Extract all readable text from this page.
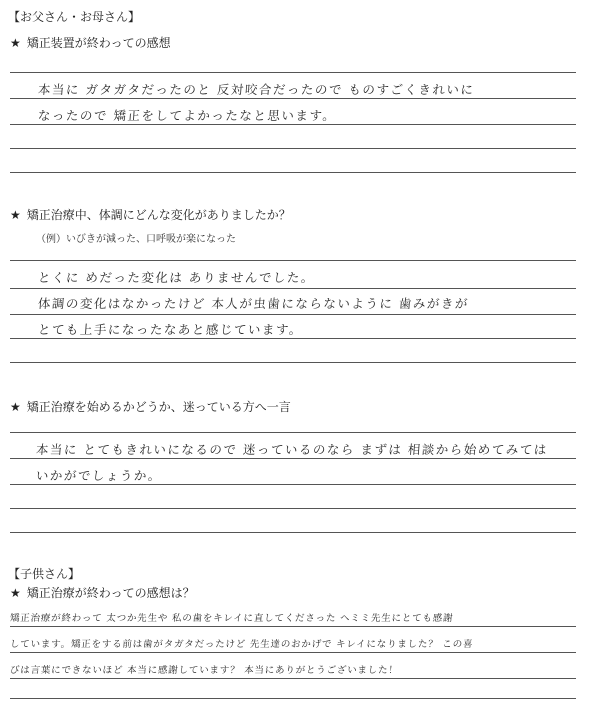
【お父さん・お母さん】
★ 矯正装置が終わっての感想
本当に ガタガタだったのと 反対咬合だったので ものすごくきれいに
なったので 矯正をしてよかったなと思います。
★ 矯正治療中、体調にどんな変化がありましたか？
（例）いびきが減った、口呼吸が楽になった
とくに めだった変化は ありませんでした。
体調の変化はなかったけど 本人が虫歯にならないように 歯みがきが
とても上手になったなあと感じています。
★ 矯正治療を始めるかどうか、迷っている方へ一言
本当に とてもきれいになるので 迷っているのなら まずは 相談から始めてみては
いかがでしょうか。
【子供さん】
★ 矯正治療が終わっての感想は？
矯正治療が終わって 太つか先生や 私の歯をキレイに直してくださった ヘミミ先生にとても感謝
しています。矯正をする前は歯がタガタだったけど 先生達のおかげで キレイになりました？ この喜
びは言葉にできないほど 本当に感謝しています？ 本当にありがとうございました！
